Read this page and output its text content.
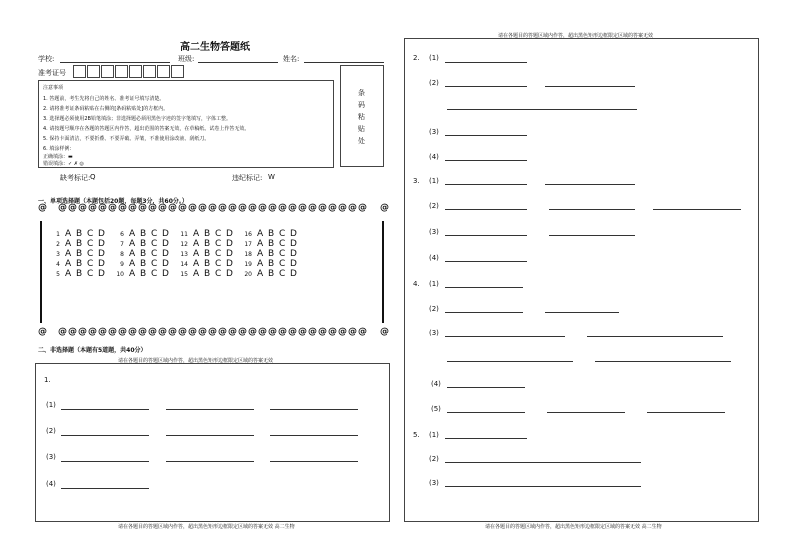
高二生物答题纸
学校:	班级:	姓名:
准考证号
注意事项
1. 答题前，考生先将自己的姓名、准考证号填写清楚。
2. 请将准考证条码粘贴在右侧的[条码粘贴处]的方框内。
3. 选择题必须使用2B铅笔填涂；非选择题必须用黑色字迹的签字笔填写，字体工整。
4. 请按题号顺序在各题的答题区内作答，超出范围的答案无效，在草稿纸、试卷上作答无效。
5. 保持卡面清洁，不要折叠、不要弄破、弄皱，不准使用涂改液、刮纸刀。
6. 填涂样例：
正确填涂：▬
错误填涂：✓ ✗ ◎
条
码
粘
贴
处
缺考标记: Q	违纪标记: W
一、单项选择题（本题包括20题，每题3分，共60分。）
@ @ @ @ @ @ @ @ @ @ @ @ @ @ @ @ @ @ @ @ @ @ @ @ @ @ @ @ @ @ @ @ @
1 A B C D
2 A B C D
3 A B C D
4 A B C D
5 A B C D
6 A B C D
7 A B C D
8 A B C D
9 A B C D
10 A B C D
11 A B C D
12 A B C D
13 A B C D
14 A B C D
15 A B C D
16 A B C D
17 A B C D
18 A B C D
19 A B C D
20 A B C D
@ @ @ @ @ @ @ @ @ @ @ @ @ @ @ @ @ @ @ @ @ @ @ @ @ @ @ @ @ @ @ @ @
二、非选择题（本题有5道题，共40分）
请在各题目的答题区域内作答，超出黑色矩形边框限定区域的答案无效
1.
(1)
(2)
(3)
(4)
请在各题目的答题区域内作答，超出黑色矩形边框限定区域的答案无效 高二生物
请在各题目的答题区域内作答，超出黑色矩形边框限定区域的答案无效
2. (1)
(2)
(3)
(4)
3. (1)
(2)
(3)
(4)
4. (1)
(2)
(3)
(4)
(5)
5. (1)
(2)
(3)
请在各题目的答题区域内作答，超出黑色矩形边框限定区域的答案无效 高二生物
